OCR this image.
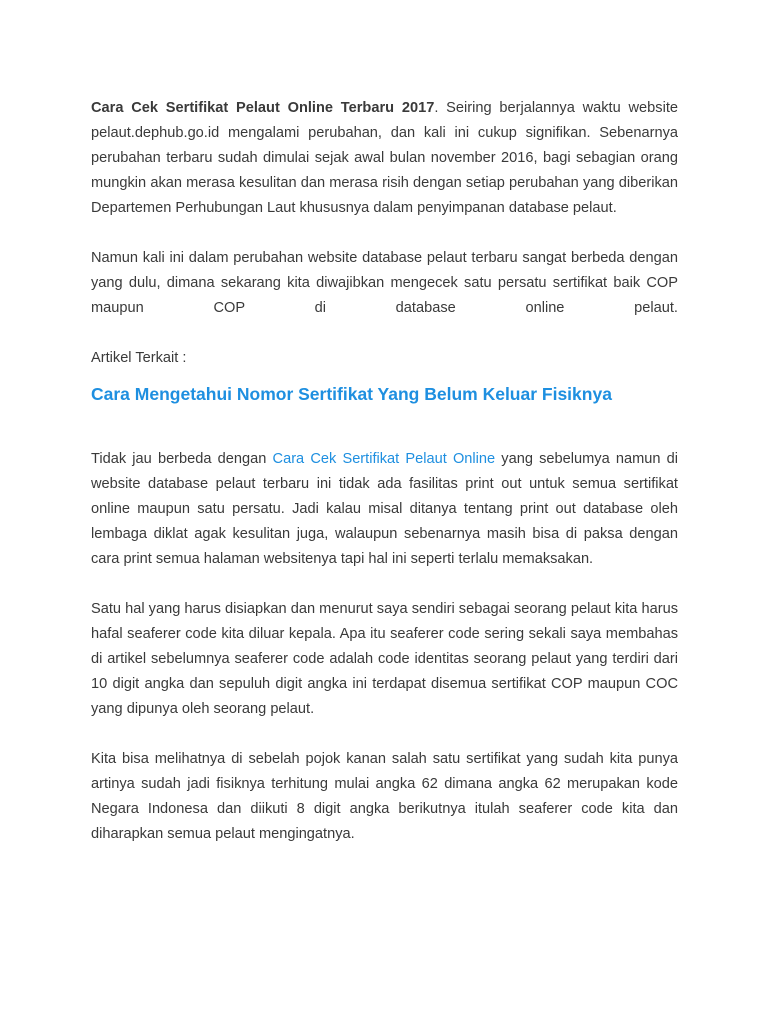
Cara Cek Sertifikat Pelaut Online Terbaru 2017. Seiring berjalannya waktu website pelaut.dephub.go.id mengalami perubahan, dan kali ini cukup signifikan. Sebenarnya perubahan terbaru sudah dimulai sejak awal bulan november 2016, bagi sebagian orang mungkin akan merasa kesulitan dan merasa risih dengan setiap perubahan yang diberikan Departemen Perhubungan Laut khususnya dalam penyimpanan database pelaut.

Namun kali ini dalam perubahan website database pelaut terbaru sangat berbeda dengan yang dulu, dimana sekarang kita diwajibkan mengecek satu persatu sertifikat baik COP maupun COP di database online pelaut.

Artikel Terkait :

Cara Mengetahui Nomor Sertifikat Yang Belum Keluar Fisiknya

Tidak jau berbeda dengan Cara Cek Sertifikat Pelaut Online yang sebelumya namun di website database pelaut terbaru ini tidak ada fasilitas print out untuk semua sertifikat online maupun satu persatu. Jadi kalau misal ditanya tentang print out database oleh lembaga diklat agak kesulitan juga, walaupun sebenarnya masih bisa di paksa dengan cara print semua halaman websitenya tapi hal ini seperti terlalu memaksakan.

Satu hal yang harus disiapkan dan menurut saya sendiri sebagai seorang pelaut kita harus hafal seaferer code kita diluar kepala. Apa itu seaferer code sering sekali saya membahas di artikel sebelumnya seaferer code adalah code identitas seorang pelaut yang terdiri dari 10 digit angka dan sepuluh digit angka ini terdapat disemua sertifikat COP maupun COC yang dipunya oleh seorang pelaut.

Kita bisa melihatnya di sebelah pojok kanan salah satu sertifikat yang sudah kita punya artinya sudah jadi fisiknya terhitung mulai angka 62 dimana angka 62 merupakan kode Negara Indonesa dan diikuti 8 digit angka berikutnya itulah seaferer code kita dan diharapkan semua pelaut mengingatnya.
